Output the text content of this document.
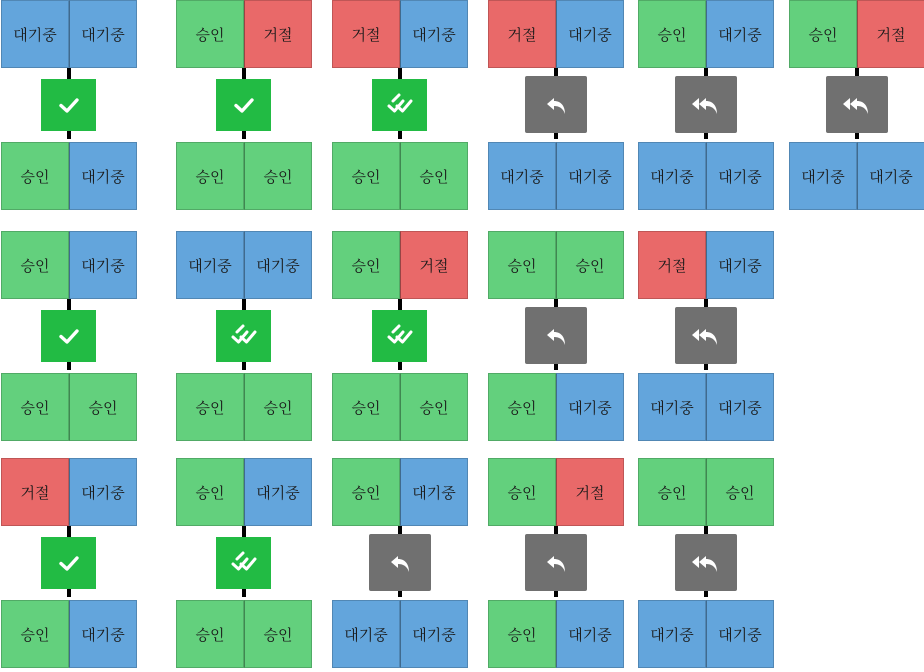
대기중	대기중
승인	대기중
승인	대기중
승인	승인
거절	대기중
승인	대기중
승인	거절
승인	승인
대기중	대기중
승인	승인
승인	대기중
승인	승인
거절	대기중
승인	승인
승인	거절
승인	승인
승인	대기중
대기중	대기중
거절	대기중
대기중	대기중
승인	승인
승인	대기중
승인	거절
승인	대기중
승인	대기중
대기중	대기중
거절	대기중
대기중	대기중
승인	승인
대기중	대기중
승인	거절
대기중	대기중
